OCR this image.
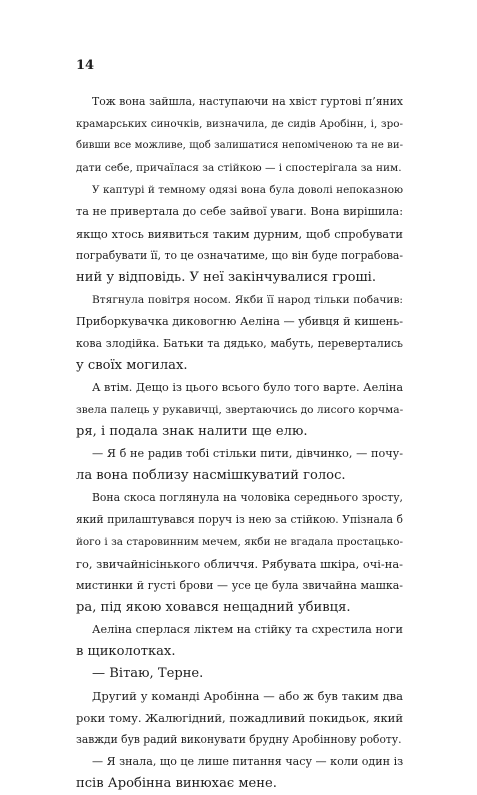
14
Тож вона зайшла, наступаючи на хвіст гуртові п’яних
крамарських синочків, визначила, де сидів Аробінн, і, зро-
бивши все можливе, щоб залишатися непоміченою та не ви-
дати себе, причаїлася за стійкою — і спостерігала за ним.
У каптурі й темному одязі вона була доволі непоказною
та не привертала до себе зайвої уваги. Вона вирішила:
якщо хтось виявиться таким дурним, щоб спробувати
пограбувати її, то це означатиме, що він буде пограбова-
ний у відповідь. У неї закінчувалися гроші.
Втягнула повітря носом. Якби її народ тільки побачив:
Приборкувачка диковогню Аеліна — убивця й кишень-
кова злодійка. Батьки та дядько, мабуть, перевертались
у своїх могилах.
А втім. Дещо із цього всього було того варте. Аеліна
звела палець у рукавичці, звертаючись до лисого корчма-
ря, і подала знак налити ще елю.
— Я б не радив тобі стільки пити, дівчинко, — почу-
ла вона поблизу насмішкуватий голос.
Вона скоса поглянула на чоловіка середнього зросту,
який прилаштувався поруч із нею за стійкою. Упізнала б
його і за старовинним мечем, якби не вгадала простацько-
го, звичайнісінького обличчя. Рябувата шкіра, очі-на-
мистинки й густі брови — усе це була звичайна машка-
ра, під якою ховався нещадний убивця.
Аеліна сперлася ліктем на стійку та схрестила ноги
в щиколотках.
— Вітаю, Терне.
Другий у команді Аробінна — або ж був таким два
роки тому. Жалюгідний, пожадливий покидьок, який
завжди був радий виконувати брудну Аробіннову роботу.
— Я знала, що це лише питання часу — коли один із
псів Аробінна винюхає мене.
